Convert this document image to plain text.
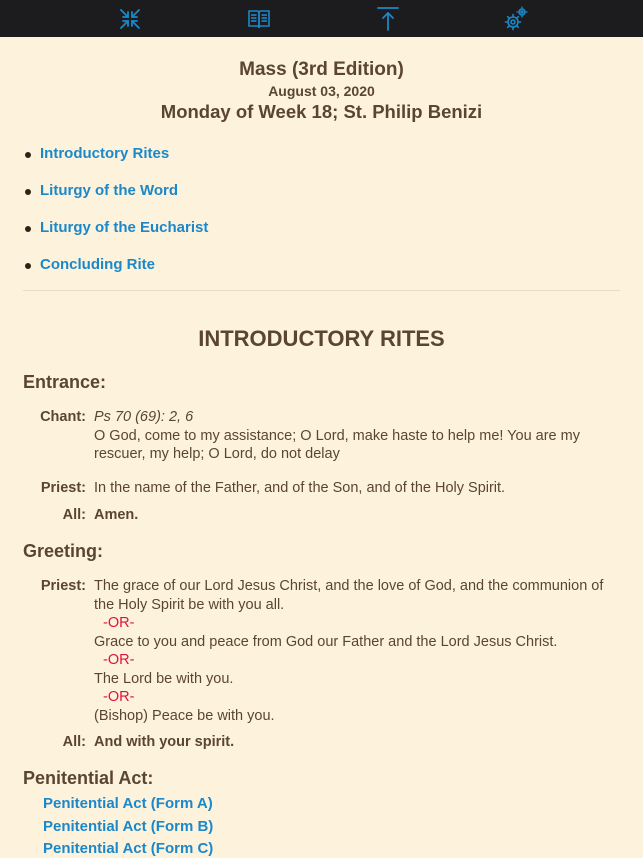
Mass (3rd Edition)
August 03, 2020
Monday of Week 18; St. Philip Benizi
Introductory Rites
Liturgy of the Word
Liturgy of the Eucharist
Concluding Rite
INTRODUCTORY RITES
Entrance:
Chant: Ps 70 (69): 2, 6
O God, come to my assistance; O Lord, make haste to help me! You are my rescuer, my help; O Lord, do not delay
Priest: In the name of the Father, and of the Son, and of the Holy Spirit.
All: Amen.
Greeting:
Priest: The grace of our Lord Jesus Christ, and the love of God, and the communion of the Holy Spirit be with you all.
-OR-
Grace to you and peace from God our Father and the Lord Jesus Christ.
-OR-
The Lord be with you.
-OR-
(Bishop) Peace be with you.
All: And with your spirit.
Penitential Act:
Penitential Act (Form A)
Penitential Act (Form B)
Penitential Act (Form C)
